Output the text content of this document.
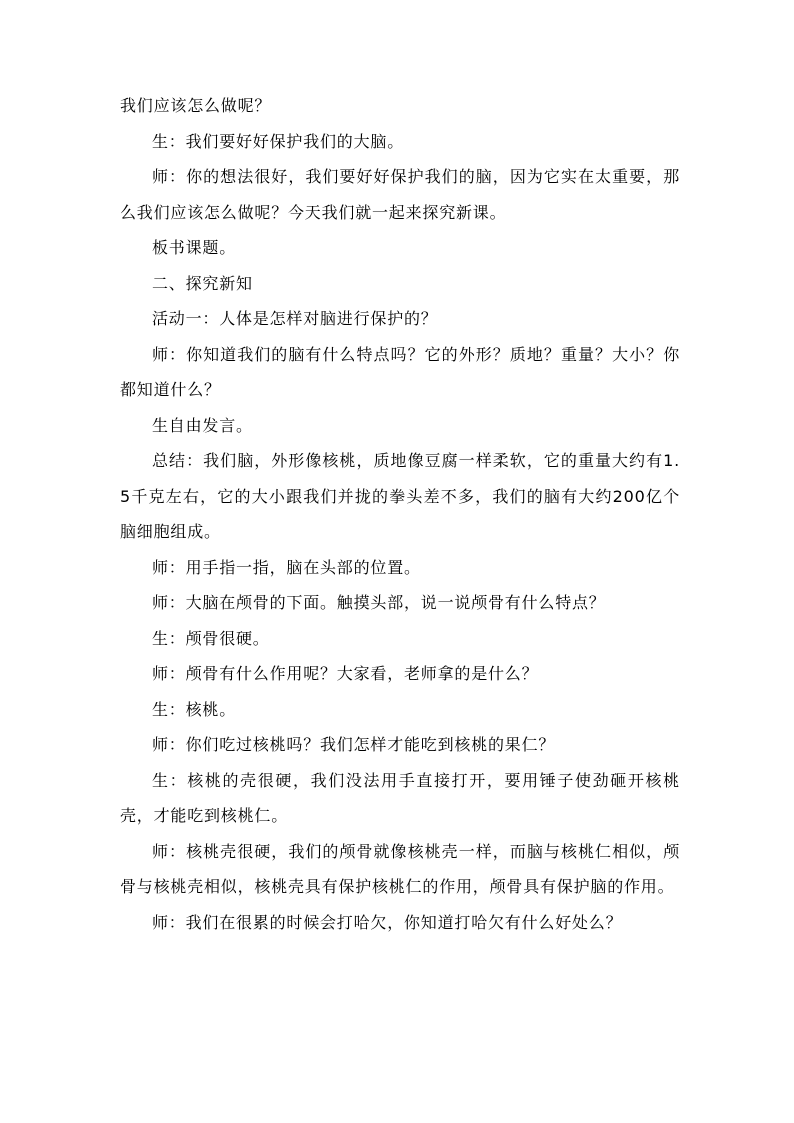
我们应该怎么做呢？

生：我们要好好保护我们的大脑。

师：你的想法很好，我们要好好保护我们的脑，因为它实在太重要，那么我们应该怎么做呢？今天我们就一起来探究新课。

板书课题。

二、探究新知

活动一：人体是怎样对脑进行保护的？

师：你知道我们的脑有什么特点吗？它的外形？质地？重量？大小？你都知道什么？

生自由发言。

总结：我们脑，外形像核桃，质地像豆腐一样柔软，它的重量大约有1.5千克左右，它的大小跟我们并拢的拳头差不多，我们的脑有大约200亿个脑细胞组成。

师：用手指一指，脑在头部的位置。

师：大脑在颅骨的下面。触摸头部，说一说颅骨有什么特点？

生：颅骨很硬。

师：颅骨有什么作用呢？大家看，老师拿的是什么？

生：核桃。

师：你们吃过核桃吗？我们怎样才能吃到核桃的果仁？

生：核桃的壳很硬，我们没法用手直接打开，要用锤子使劲砸开核桃壳，才能吃到核桃仁。

师：核桃壳很硬，我们的颅骨就像核桃壳一样，而脑与核桃仁相似，颅骨与核桃壳相似，核桃壳具有保护核桃仁的作用，颅骨具有保护脑的作用。

师：我们在很累的时候会打哈欠，你知道打哈欠有什么好处么？
